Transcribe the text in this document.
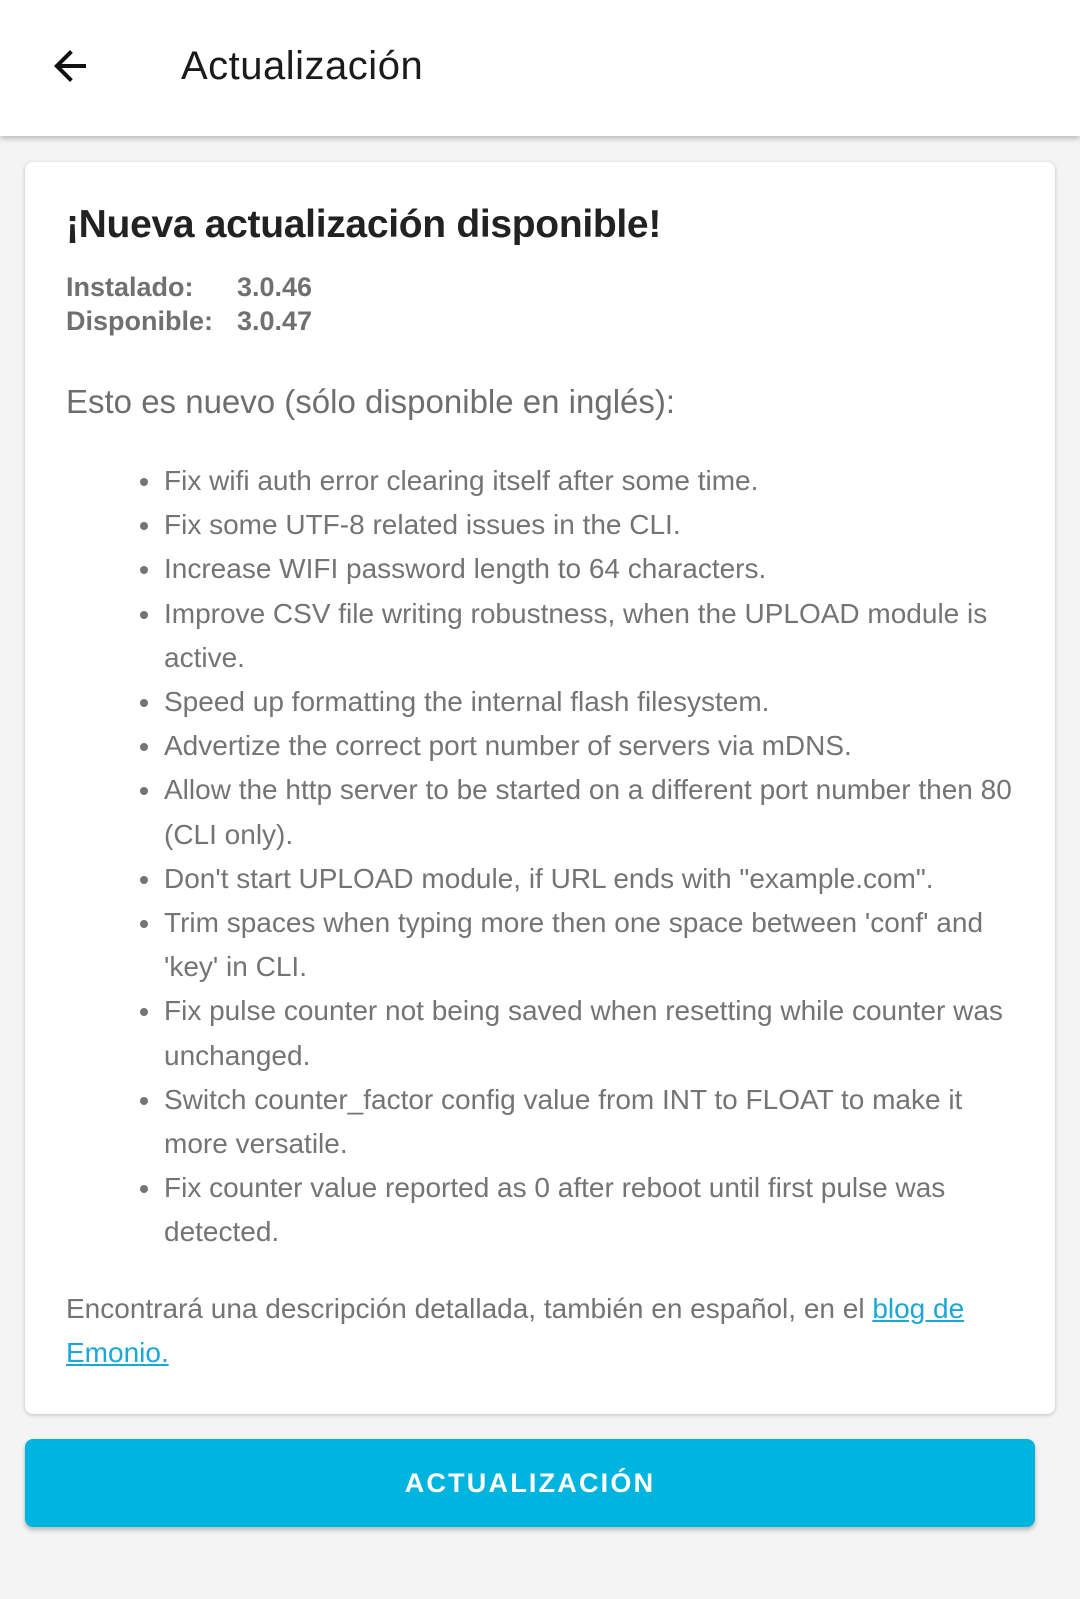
Actualización
¡Nueva actualización disponible!
Instalado:	3.0.46
Disponible: 3.0.47
Esto es nuevo (sólo disponible en inglés):
Fix wifi auth error clearing itself after some time.
Fix some UTF-8 related issues in the CLI.
Increase WIFI password length to 64 characters.
Improve CSV file writing robustness, when the UPLOAD module is active.
Speed up formatting the internal flash filesystem.
Advertize the correct port number of servers via mDNS.
Allow the http server to be started on a different port number then 80 (CLI only).
Don't start UPLOAD module, if URL ends with "example.com".
Trim spaces when typing more then one space between 'conf' and 'key' in CLI.
Fix pulse counter not being saved when resetting while counter was unchanged.
Switch counter_factor config value from INT to FLOAT to make it more versatile.
Fix counter value reported as 0 after reboot until first pulse was detected.
Encontrará una descripción detallada, también en español, en el blog de Emonio.
ACTUALIZACIÓN
